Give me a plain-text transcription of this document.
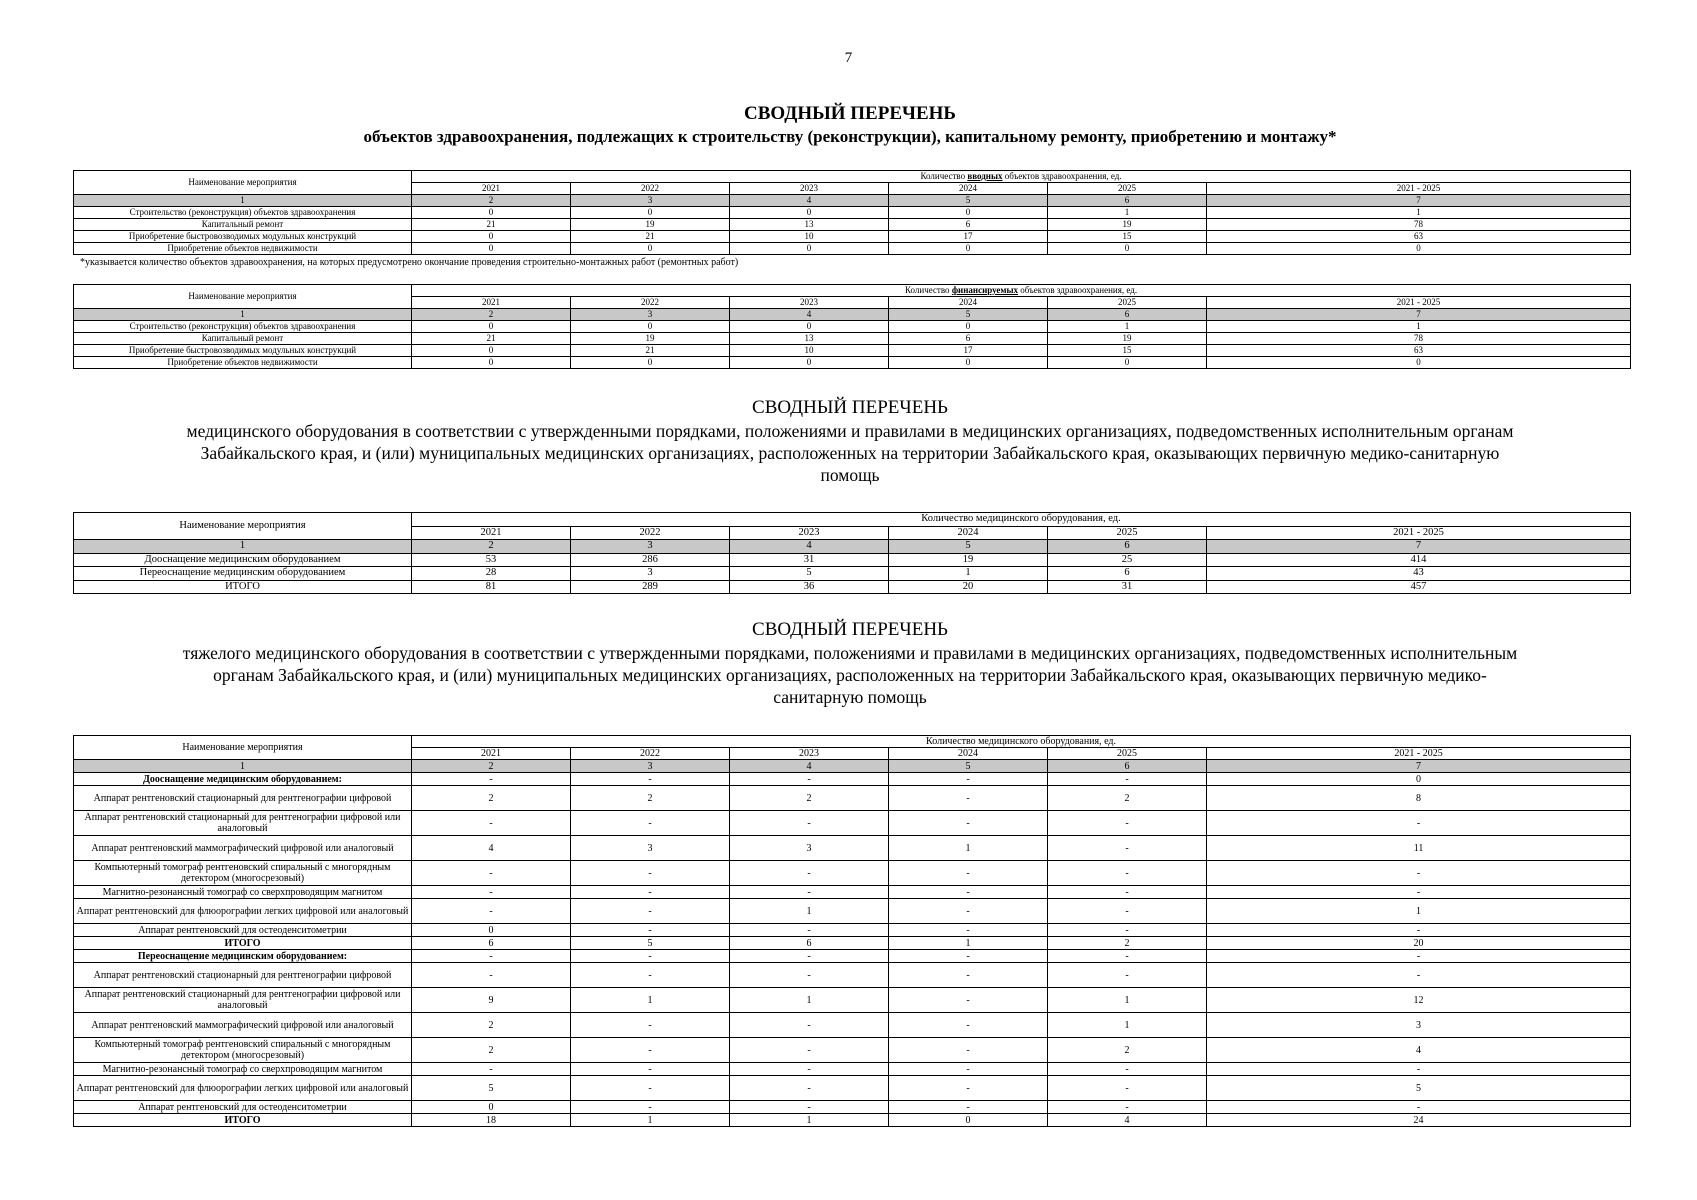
7
СВОДНЫЙ ПЕРЕЧЕНЬ
объектов здравоохранения, подлежащих к строительству (реконструкции), капитальному ремонту, приобретению и монтажу*
Наименование мероприятия	Количество вводных объектов здравоохранения, ед.					
	2021	2022	2023	2024	2025	2021 - 2025
1	2	3	4	5	6	7
Строительство (реконструкция) объектов здравоохранения	0	0	0	0	1	1
Капитальный ремонт	21	19	13	6	19	78
Приобретение быстровозводимых модульных конструкций	0	21	10	17	15	63
Приобретение объектов недвижимости	0	0	0	0	0	0
*указывается количество объектов здравоохранения, на которых предусмотрено окончание проведения строительно-монтажных работ (ремонтных работ)
Наименование мероприятия	Количество финансируемых объектов здравоохранения, ед.					
	2021	2022	2023	2024	2025	2021 - 2025
1	2	3	4	5	6	7
Строительство (реконструкция) объектов здравоохранения	0	0	0	0	1	1
Капитальный ремонт	21	19	13	6	19	78
Приобретение быстровозводимых модульных конструкций	0	21	10	17	15	63
Приобретение объектов недвижимости	0	0	0	0	0	0
СВОДНЫЙ ПЕРЕЧЕНЬ
медицинского оборудования в соответствии с утвержденными порядками, положениями и правилами в медицинских организациях, подведомственных исполнительным органам
Забайкальского края, и (или) муниципальных медицинских организациях, расположенных на территории Забайкальского края, оказывающих первичную медико-санитарную
помощь
Наименование мероприятия	Количество медицинского оборудования, ед.					
	2021	2022	2023	2024	2025	2021 - 2025
1	2	3	4	5	6	7
Дооснащение медицинским оборудованием	53	286	31	19	25	414
Переоснащение медицинским оборудованием	28	3	5	1	6	43
ИТОГО	81	289	36	20	31	457
СВОДНЫЙ ПЕРЕЧЕНЬ
тяжелого медицинского оборудования в соответствии с утвержденными порядками, положениями и правилами в медицинских организациях, подведомственных исполнительным
органам Забайкальского края, и (или) муниципальных медицинских организациях, расположенных на территории Забайкальского края, оказывающих первичную медико-
санитарную помощь
Наименование мероприятия	Количество медицинского оборудования, ед.					
	2021	2022	2023	2024	2025	2021 - 2025
1	2	3	4	5	6	7
Дооснащение медицинским оборудованием:	-	-	-	-	-	0
Аппарат рентгеновский стационарный для рентгенографии цифровой	2	2	2	-	2	8
Аппарат рентгеновский стационарный для рентгенографии цифровой или аналоговый	-	-	-	-	-	-
Аппарат рентгеновский маммографический цифровой или аналоговый	4	3	3	1	-	11
Компьютерный томограф рентгеновский спиральный с многорядным детектором (многосрезовый)	-	-	-	-	-	-
Магнитно-резонансный томограф со сверхпроводящим магнитом	-	-	-	-	-	-
Аппарат рентгеновский для флюорографии легких цифровой или аналоговый	-	-	1	-	-	1
Аппарат рентгеновский для остеоденситометрии	0	-	-	-	-	-
ИТОГО	6	5	6	1	2	20
Переоснащение медицинским оборудованием:	-	-	-	-	-	-
Аппарат рентгеновский стационарный для рентгенографии цифровой	-	-	-	-	-	-
Аппарат рентгеновский стационарный для рентгенографии цифровой или аналоговый	9	1	1	-	1	12
Аппарат рентгеновский маммографический цифровой или аналоговый	2	-	-	-	1	3
Компьютерный томограф рентгеновский спиральный с многорядным детектором (многосрезовый)	2	-	-	-	2	4
Магнитно-резонансный томограф со сверхпроводящим магнитом	-	-	-	-	-	-
Аппарат рентгеновский для флюорографии легких цифровой или аналоговый	5	-	-	-	-	5
Аппарат рентгеновский для остеоденситометрии	0	-	-	-	-	-
ИТОГО	18	1	1	0	4	24
